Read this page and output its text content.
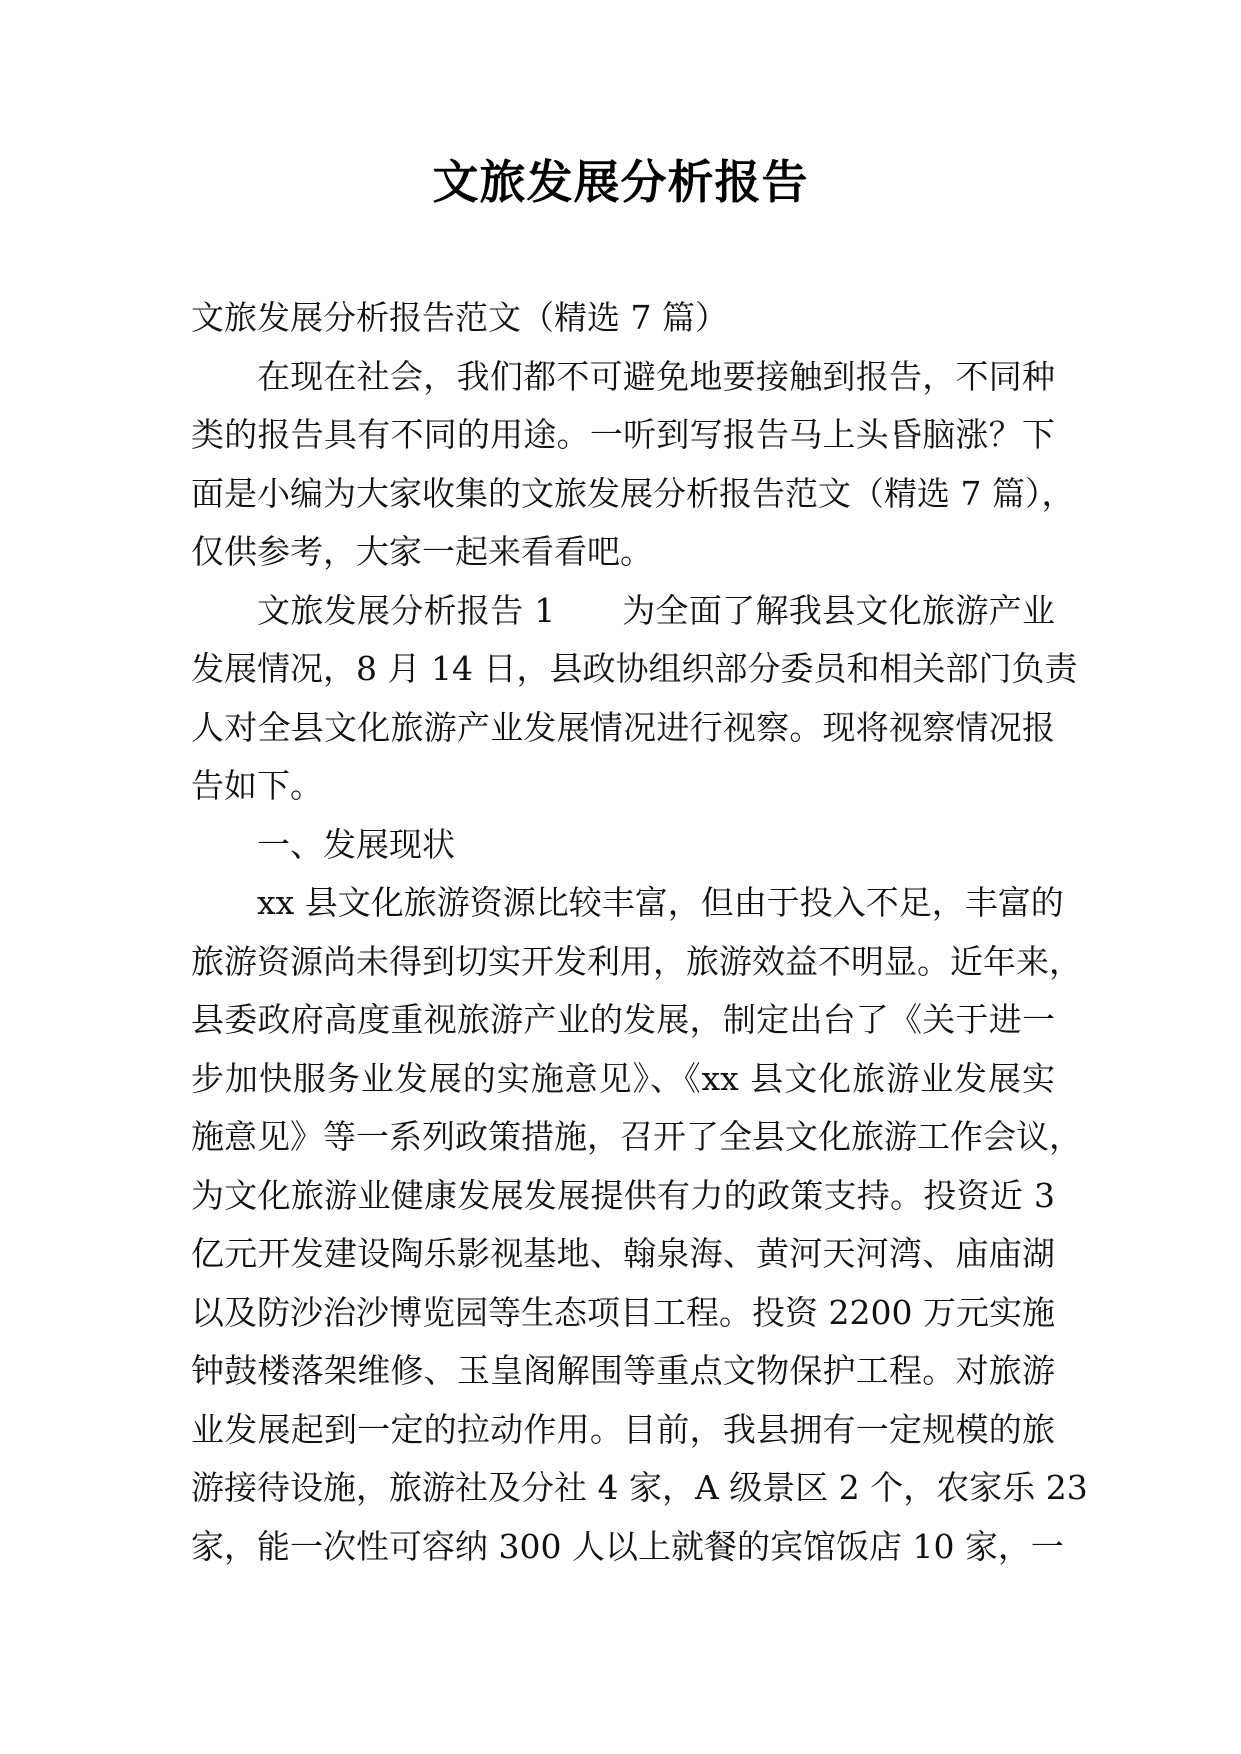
文旅发展分析报告
文旅发展分析报告范文（精选 7 篇）
在现在社会，我们都不可避免地要接触到报告，不同种
类的报告具有不同的用途。一听到写报告马上头昏脑涨？下
面是小编为大家收集的文旅发展分析报告范文（精选 7 篇），
仅供参考，大家一起来看看吧。
文旅发展分析报告 1　　为全面了解我县文化旅游产业
发展情况，8 月 14 日，县政协组织部分委员和相关部门负责
人对全县文化旅游产业发展情况进行视察。现将视察情况报
告如下。
一、发展现状
xx 县文化旅游资源比较丰富，但由于投入不足，丰富的
旅游资源尚未得到切实开发利用，旅游效益不明显。近年来，
县委政府高度重视旅游产业的发展，制定出台了《关于进一
步加快服务业发展的实施意见》、《xx 县文化旅游业发展实
施意见》等一系列政策措施，召开了全县文化旅游工作会议，
为文化旅游业健康发展发展提供有力的政策支持。投资近 3
亿元开发建设陶乐影视基地、翰泉海、黄河天河湾、庙庙湖
以及防沙治沙博览园等生态项目工程。投资 2200 万元实施
钟鼓楼落架维修、玉皇阁解围等重点文物保护工程。对旅游
业发展起到一定的拉动作用。目前，我县拥有一定规模的旅
游接待设施，旅游社及分社 4 家，A 级景区 2 个，农家乐 23
家，能一次性可容纳 300 人以上就餐的宾馆饭店 10 家，一
